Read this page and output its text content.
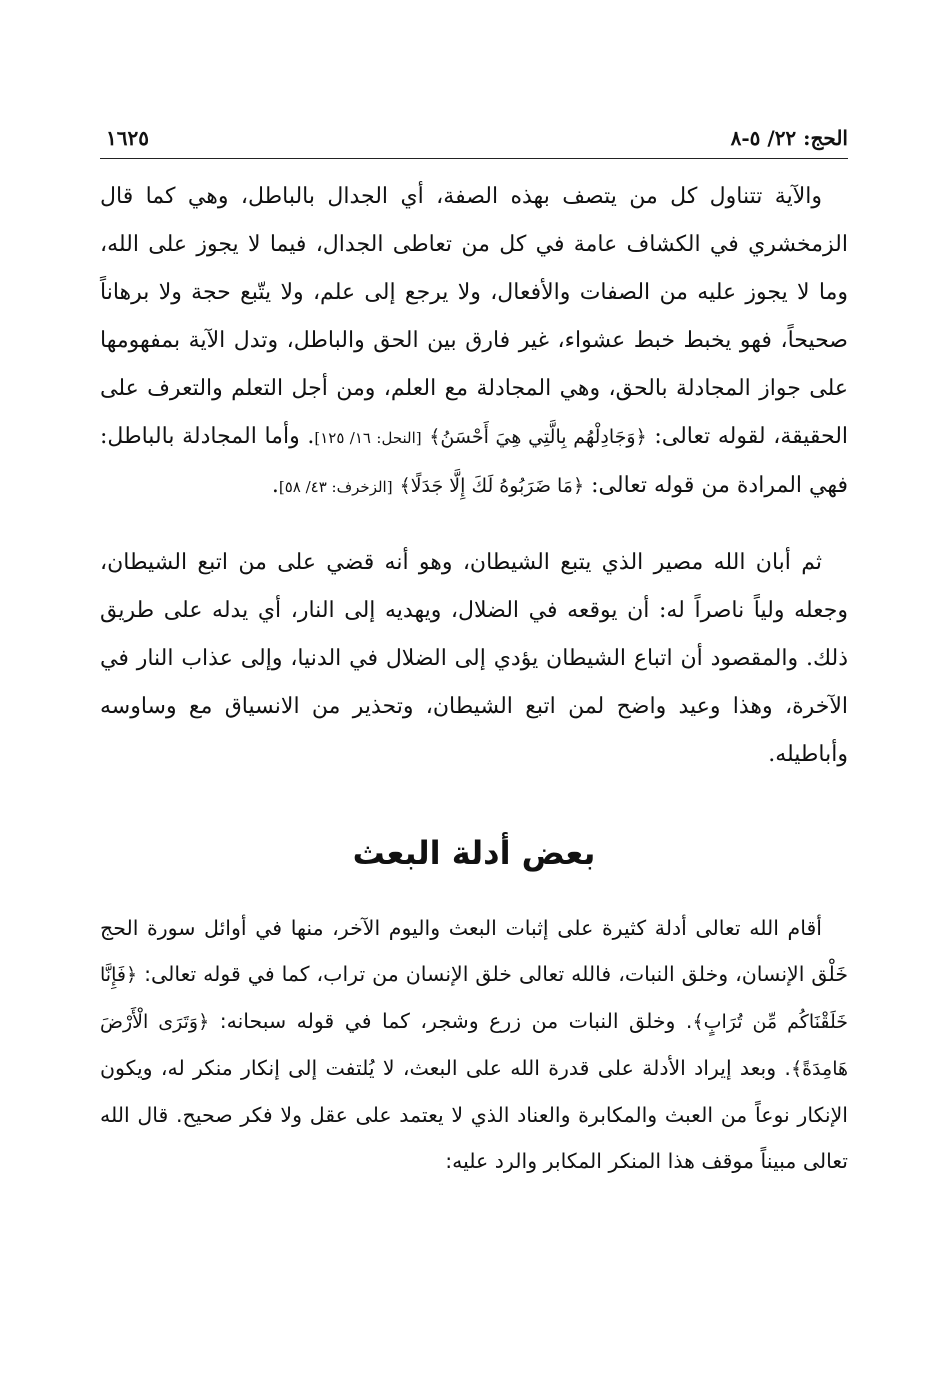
الحج: ٢٢/ ٥-٨
١٦٢٥

والآية تتناول كل من يتصف بهذه الصفة، أي الجدال بالباطل، وهي كما قال الزمخشري في الكشاف عامة في كل من تعاطى الجدال، فيما لا يجوز على الله، وما لا يجوز عليه من الصفات والأفعال، ولا يرجع إلى علم، ولا يتّبع حجة ولا برهاناً صحيحاً، فهو يخبط خبط عشواء، غير فارق بين الحق والباطل، وتدل الآية بمفهومها على جواز المجادلة بالحق، وهي المجادلة مع العلم، ومن أجل التعلم والتعرف على الحقيقة، لقوله تعالى: ﴿وَجَادِلْهُم بِالَّتِي هِيَ أَحْسَنُ﴾ [النحل: ١٦/ ١٢٥]. وأما المجادلة بالباطل: فهي المرادة من قوله تعالى: ﴿مَا ضَرَبُوهُ لَكَ إِلَّا جَدَلًا﴾ [الزخرف: ٤٣/ ٥٨].

ثم أبان الله مصير الذي يتبع الشيطان، وهو أنه قضي على من اتبع الشيطان، وجعله ولياً ناصراً له: أن يوقعه في الضلال، ويهديه إلى النار، أي يدله على طريق ذلك. والمقصود أن اتباع الشيطان يؤدي إلى الضلال في الدنيا، وإلى عذاب النار في الآخرة، وهذا وعيد واضح لمن اتبع الشيطان، وتحذير من الانسياق مع وساوسه وأباطيله.

بعض أدلة البعث

أقام الله تعالى أدلة كثيرة على إثبات البعث واليوم الآخر، منها في أوائل سورة الحج خَلْق الإنسان، وخلق النبات، فالله تعالى خلق الإنسان من تراب، كما في قوله تعالى: ﴿فَإِنَّا خَلَقْنَاكُم مِّن تُرَابٍ﴾. وخلق النبات من زرع وشجر، كما في قوله سبحانه: ﴿وَتَرَى الْأَرْضَ هَامِدَةً﴾. وبعد إيراد الأدلة على قدرة الله على البعث، لا يُلتفت إلى إنكار منكر له، ويكون الإنكار نوعاً من العبث والمكابرة والعناد الذي لا يعتمد على عقل ولا فكر صحيح. قال الله تعالى مبيناً موقف هذا المنكر المكابر والرد عليه:
